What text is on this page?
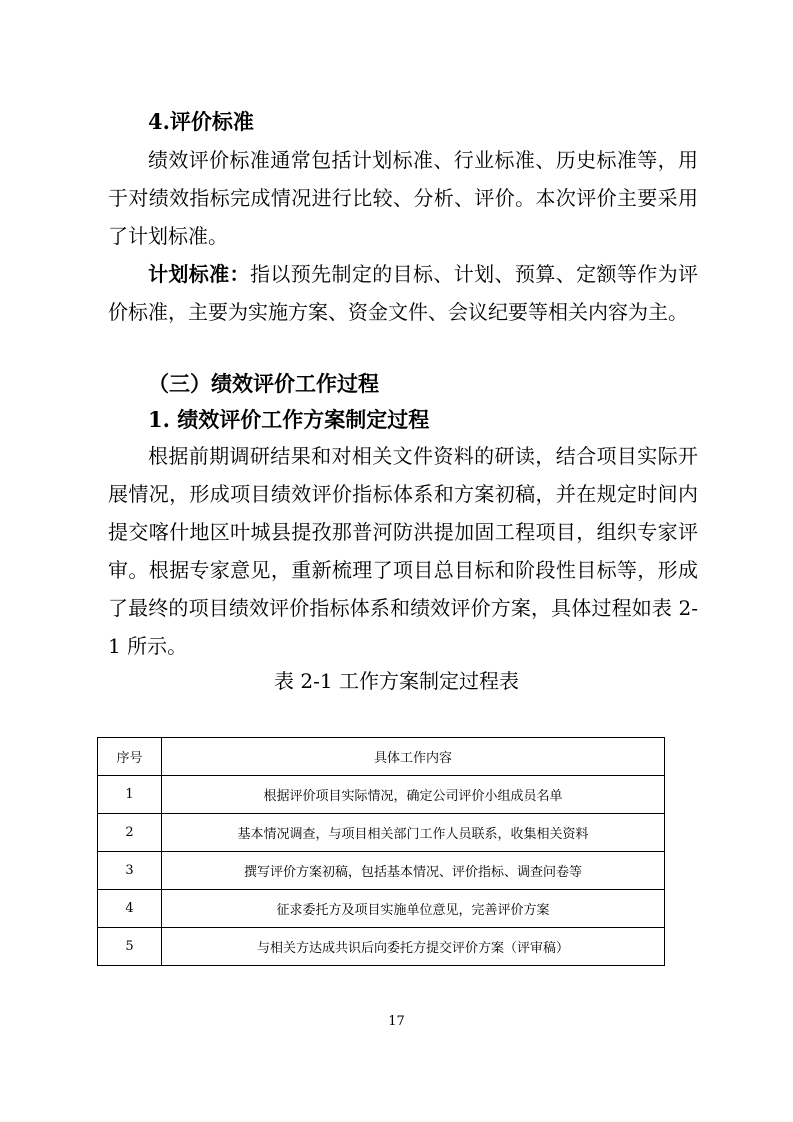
4.评价标准

绩效评价标准通常包括计划标准、行业标准、历史标准等，用于对绩效指标完成情况进行比较、分析、评价。本次评价主要采用了计划标准。

计划标准：指以预先制定的目标、计划、预算、定额等作为评价标准，主要为实施方案、资金文件、会议纪要等相关内容为主。

（三）绩效评价工作过程
1. 绩效评价工作方案制定过程

根据前期调研结果和对相关文件资料的研读，结合项目实际开展情况，形成项目绩效评价指标体系和方案初稿，并在规定时间内提交喀什地区叶城县提孜那普河防洪提加固工程项目，组织专家评审。根据专家意见，重新梳理了项目总目标和阶段性目标等，形成了最终的项目绩效评价指标体系和绩效评价方案，具体过程如表 2-1 所示。

表 2-1 工作方案制定过程表
序号	具体工作内容
1	根据评价项目实际情况，确定公司评价小组成员名单
2	基本情况调查，与项目相关部门工作人员联系，收集相关资料
3	撰写评价方案初稿，包括基本情况、评价指标、调查问卷等
4	征求委托方及项目实施单位意见，完善评价方案
5	与相关方达成共识后向委托方提交评价方案（评审稿）
17
